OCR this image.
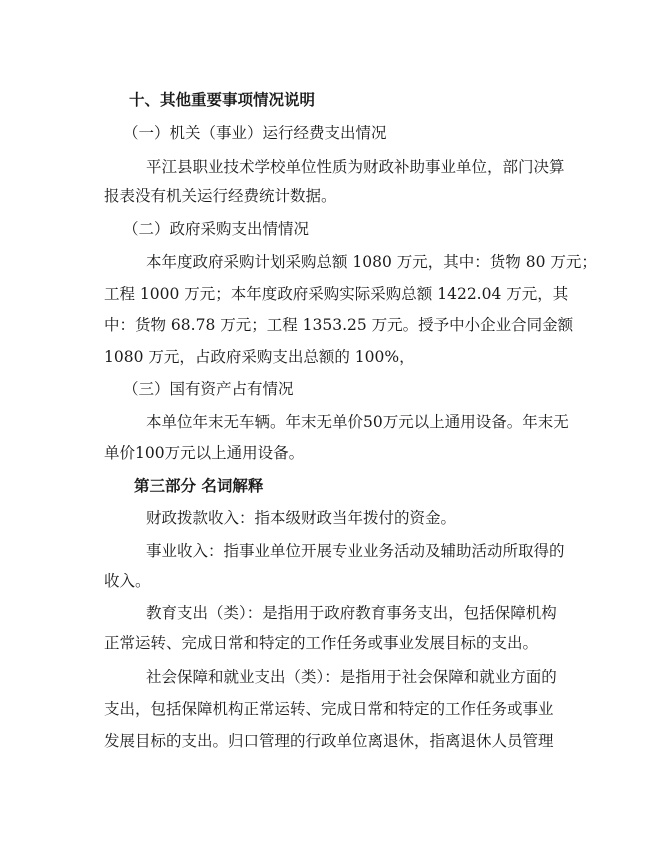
十、其他重要事项情况说明
（一）机关（事业）运行经费支出情况
平江县职业技术学校单位性质为财政补助事业单位，部门决算
报表没有机关运行经费统计数据。
（二）政府采购支出情情况
本年度政府采购计划采购总额 1080 万元，其中：货物 80 万元；
工程 1000 万元；本年度政府采购实际采购总额 1422.04 万元，其
中：货物 68.78 万元；工程 1353.25 万元。授予中小企业合同金额
1080 万元，占政府采购支出总额的 100%，
（三）国有资产占有情况
本单位年末无车辆。年末无单价50万元以上通用设备。年末无
单价100万元以上通用设备。
第三部分 名词解释
财政拨款收入：指本级财政当年拨付的资金。
事业收入：指事业单位开展专业业务活动及辅助活动所取得的
收入。
教育支出（类）：是指用于政府教育事务支出，包括保障机构
正常运转、完成日常和特定的工作任务或事业发展目标的支出。
社会保障和就业支出（类）：是指用于社会保障和就业方面的
支出，包括保障机构正常运转、完成日常和特定的工作任务或事业
发展目标的支出。归口管理的行政单位离退休，指离退休人员管理
